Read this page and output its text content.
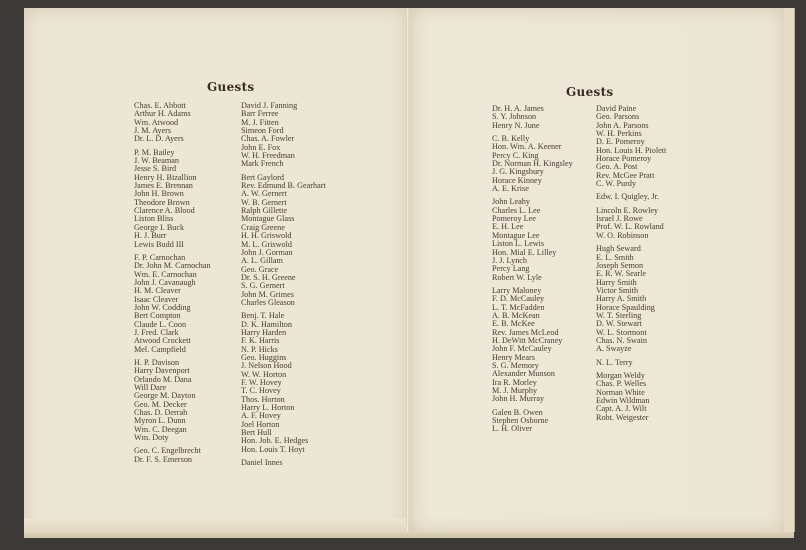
Guests	Guests
Chas. E. Abbott
Arthur H. Adams
Wm. Atwood
J. M. Ayers
Dr. L. D. Ayers
P. M. Bailey
J. W. Beaman
Jesse S. Bird
Henry H. Bizallion
James E. Brennan
John H. Brown
Theodore Brown
Clarence A. Blood
Liston Bliss
George I. Buck
H. J. Burr
Lewis Budd III
F. P. Carnochan
Dr. John M. Carnochan
Wm. E. Carnochan
John J. Cavanaugh
H. M. Cleaver
Isaac Cleaver
John W. Codding
Bert Compton
Claude L. Coon
J. Fred. Clark
Atwood Crockett
Mel. Campfield
H. P. Davison
Harry Davenport
Orlando M. Dana
Will Dare
George M. Dayton
Geo. M. Decker
Chas. D. Derrah
Myron L. Dunn
Wm. C. Deegan
Wm. Doty
Geo. C. Engelbrecht
Dr. F. S. Emerson
David J. Fanning
Barr Ferree
M. J. Fitten
Simeon Ford
Chas. A. Fowler
John E. Fox
W. H. Freedman
Mark French
Bert Gaylord
Rev. Edmund B. Gearhart
A. W. Gernert
W. B. Gernert
Ralph Gillette
Montague Glass
Craig Greene
H. H. Griswold
M. L. Griswold
John J. Gorman
A. L. Gillam
Geo. Grace
Dr. S. H. Greene
S. G. Gernert
John M. Grimes
Charles Gleason
Benj. T. Hale
D. K. Hamilton
Harry Harden
F. K. Harris
N. P. Hicks
Geo. Huggins
J. Nelson Hood
W. W. Horton
F. W. Hovey
T. C. Hovey
Thos. Horton
Harry L. Horton
A. F. Hovey
Joel Horton
Bert Hull
Hon. Job. E. Hedges
Hon. Louis T. Hoyt
Daniel Innes
Dr. H. A. James
S. Y. Johnson
Henry N. June
C. B. Kelly
Hon. Wm. A. Keener
Percy C. King
Dr. Norman H. Kingsley
J. G. Kingsbury
Horace Kinney
A. E. Krise
John Leahy
Charles L. Lee
Pomeroy Lee
E. H. Lee
Montague Lee
Liston L. Lewis
Hon. Mial E. Lilley
J. J. Lynch
Percy Lang
Robert W. Lyle
Larry Maloney
F. D. McCauley
L. T. McFadden
A. B. McKean
E. B. McKee
Rev. James McLeod
H. DeWitt McCraney
John F. McCauley
Henry Mears
S. G. Memory
Alexander Munson
Ira R. Morley
M. J. Murphy
John H. Murray
Galen B. Owen
Stephen Osborne
L. H. Oliver
David Paine
Geo. Parsons
John A. Parsons
W. H. Perkins
D. E. Pomeroy
Hon. Louis H. Piolett
Horace Pomeroy
Geo. A. Post
Rev. McGee Pratt
C. W. Purdy
Edw. I. Quigley, Jr.
Lincoln E. Rowley
Israel J. Rowe
Prof. W. L. Rowland
W. O. Robinson
Hugh Seward
E. L. Smith
Joseph Semon
E. R. W. Searle
Harry Smith
Victor Smith
Harry A. Smith
Horace Spaulding
W. T. Sterling
D. W. Stewart
W. L. Stormont
Chas. N. Swain
A. Swayze
N. L. Terry
Morgan Weldy
Chas. P. Welles
Norman White
Edwin Wildman
Capt. A. J. Wilt
Robt. Weigester
